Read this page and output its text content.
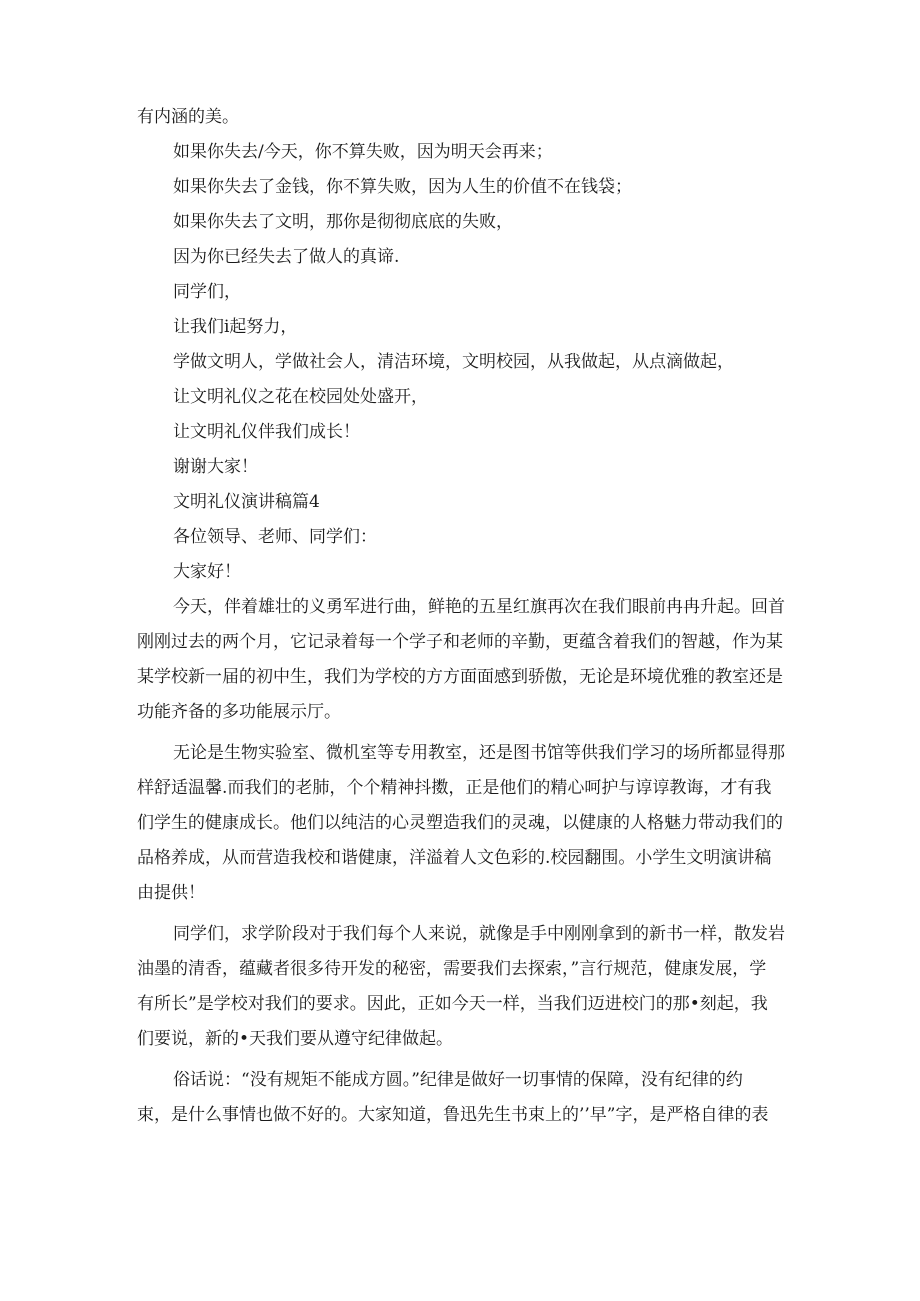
有内涵的美。
如果你失去/今天，你不算失败，因为明天会再来；
如果你失去了金钱，你不算失败，因为人生的价值不在钱袋；
如果你失去了文明，那你是彻彻底底的失败，
因为你已经失去了做人的真谛.
同学们，
让我们i起努力，
学做文明人，学做社会人，清洁环境，文明校园，从我做起，从点滴做起，
让文明礼仪之花在校园处处盛开，
让文明礼仪伴我们成长！
谢谢大家！
文明礼仪演讲稿篇4
各位领导、老师、同学们：
大家好！
今天，伴着雄壮的义勇军进行曲，鲜艳的五星红旗再次在我们眼前冉冉升起。回首
刚刚过去的两个月，它记录着每一个学子和老师的辛勤，更蕴含着我们的智越，作为某
某学校新一届的初中生，我们为学校的方方面面感到骄傲，无论是环境优雅的教室还是
功能齐备的多功能展示厅。
无论是生物实验室、微机室等专用教室，还是图书馆等供我们学习的场所都显得那
样舒适温馨.而我们的老肺，个个精神抖擞，正是他们的精心呵护与谆谆教诲，才有我
们学生的健康成长。他们以纯洁的心灵塑造我们的灵魂，以健康的人格魅力带动我们的
品格养成，从而营造我校和谐健康，洋溢着人文色彩的.校园翻围。小学生文明演讲稿
由提供！
同学们，求学阶段对于我们每个人来说，就像是手中刚刚拿到的新书一样，散发岩
油墨的清香，蕴藏者很多待开发的秘密，需要我们去探索，”言行规范，健康发展，学
有所长”是学校对我们的要求。因此，正如今天一样，当我们迈进校门的那•刻起，我
们要说，新的•天我们要从遵守纪律做起。
俗话说：“没有规矩不能成方圆。”纪律是做好一切事情的保障，没有纪律的约
束，是什么事情也做不好的。大家知道，鲁迅先生书束上的’’早”字，是严格自律的表
